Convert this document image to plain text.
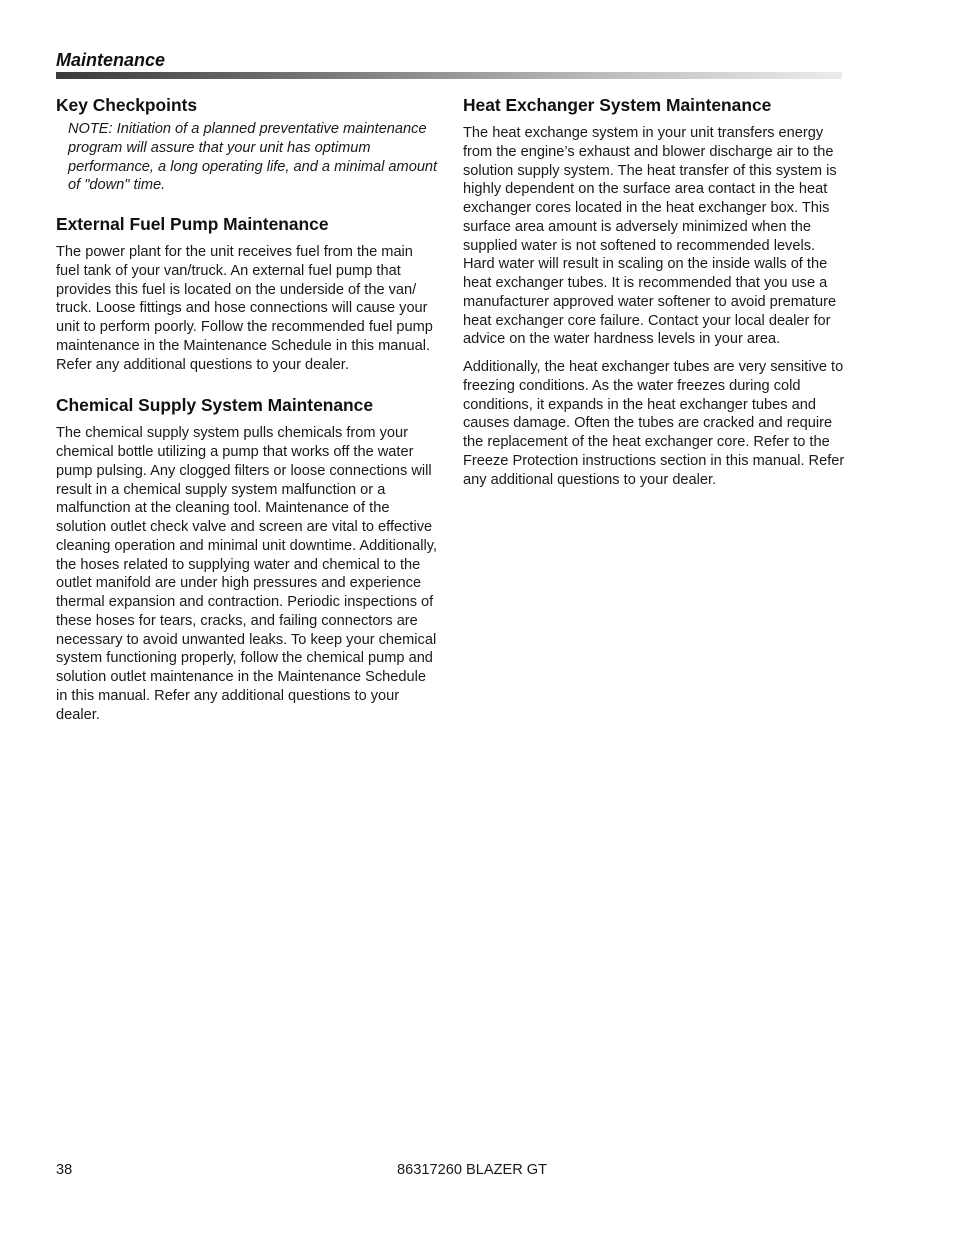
Maintenance
Key Checkpoints

NOTE: Initiation of a planned preventative maintenance program will assure that your unit has optimum performance, a long operating life, and a minimal amount of "down" time.

External Fuel Pump Maintenance

The power plant for the unit receives fuel from the main fuel tank of your van/truck. An external fuel pump that provides this fuel is located on the underside of the van/ truck. Loose fittings and hose connections will cause your unit to perform poorly. Follow the recommended fuel pump maintenance in the Maintenance Schedule in this manual. Refer any additional questions to your dealer.

Chemical Supply System Maintenance

The chemical supply system pulls chemicals from your chemical bottle utilizing a pump that works off the water pump pulsing. Any clogged filters or loose connections will result in a chemical supply system malfunction or a malfunction at the cleaning tool. Maintenance of the solution outlet check valve and screen are vital to effective cleaning operation and minimal unit downtime. Additionally, the hoses related to supplying water and chemical to the outlet manifold are under high pressures and experience thermal expansion and contraction. Periodic inspections of these hoses for tears, cracks, and failing connectors are necessary to avoid unwanted leaks. To keep your chemical system functioning properly, follow the chemical pump and solution outlet maintenance in the Maintenance Schedule in this manual. Refer any additional questions to your dealer.

Heat Exchanger System Maintenance

The heat exchange system in your unit transfers energy from the engine’s exhaust and blower discharge air to the solution supply system. The heat transfer of this system is highly dependent on the surface area contact in the heat exchanger cores located in the heat exchanger box. This surface area amount is adversely minimized when the supplied water is not softened to recommended levels. Hard water will result in scaling on the inside walls of the heat exchanger tubes. It is recommended that you use a manufacturer approved water softener to avoid premature heat exchanger core failure. Contact your local dealer for advice on the water hardness levels in your area.

Additionally, the heat exchanger tubes are very sensitive to freezing conditions. As the water freezes during cold conditions, it expands in the heat exchanger tubes and causes damage. Often the tubes are cracked and require the replacement of the heat exchanger core. Refer to the Freeze Protection instructions section in this manual. Refer any additional questions to your dealer.

38	86317260 BLAZER GT
